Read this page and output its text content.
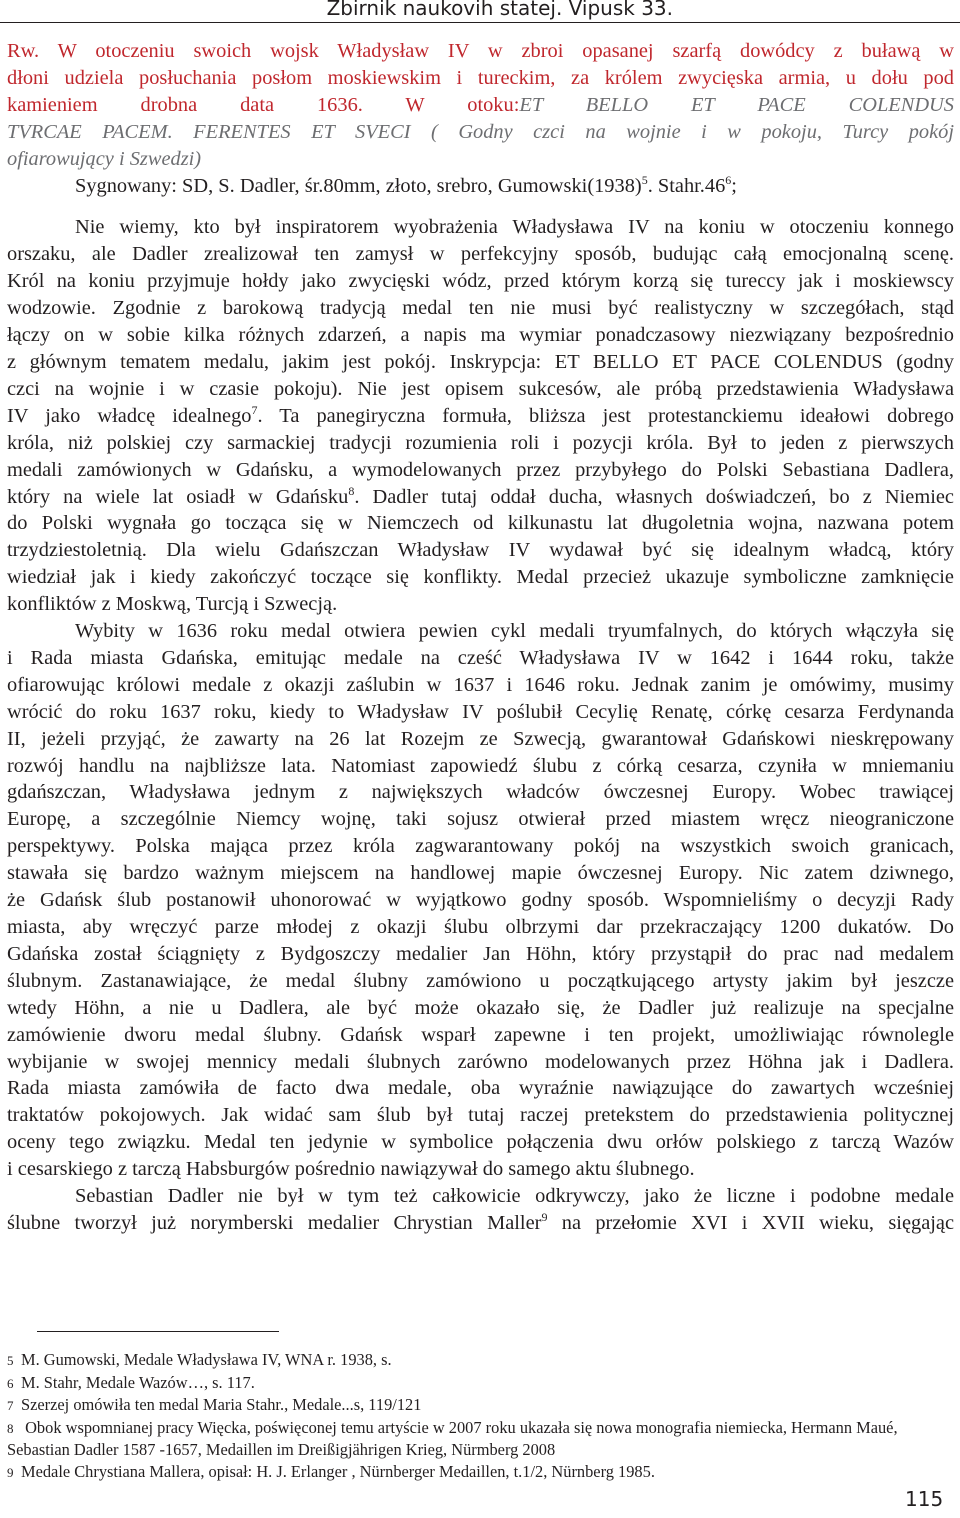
Zbirnik naukovih statej. Vipusk 33.
Rw. W otoczeniu swoich wojsk Władysław IV w zbroi opasanej szarfą dowódcy z buławą w
dłoni udziela posłuchania posłom moskiewskim i tureckim, za królem zwycięska armia, u dołu pod
kamieniem drobna data 1636. W otoku:ET BELLO ET PACE COLENDUS
TVRCAE PACEM. FERENTES ET SVECI ( Godny czci na wojnie i w pokoju, Turcy pokój
ofiarowujący i Szwedzi)
Sygnowany: SD, S. Dadler, śr.80mm, złoto, srebro, $Gumowski(1938)^5$. $Stahr.46^6$;
Nie wiemy, kto był inspiratorem wyobrażenia Władysława IV na koniu w otoczeniu konnego
orszaku, ale Dadler zrealizował ten zamysł w perfekcyjny sposób, budując całą emocjonalną scenę.
Król na koniu przyjmuje hołdy jako zwycięski wódz, przed którym korzą się tureccy jak i moskiewscy
wodzowie. Zgodnie z barokową tradycją medal ten nie musi być realistyczny w szczegółach, stąd
łączy on w sobie kilka różnych zdarzeń, a napis ma wymiar ponadczasowy niezwiązany bezpośrednio
z głównym tematem medalu, jakim jest pokój. Inskrypcja: ET BELLO ET PACE COLENDUS (godny
czci na wojnie i w czasie pokoju). Nie jest opisem sukcesów, ale próbą przedstawienia Władysława
IV jako władcę idealnego$^7$. Ta panegiryczna formuła, bliższa jest protestanckiemu ideałowi dobrego
króla, niż polskiej czy sarmackiej tradycji rozumienia roli i pozycji króla. Był to jeden z pierwszych
medali zamówionych w Gdańsku, a wymodelowanych przez przybyłego do Polski Sebastiana Dadlera,
który na wiele lat osiadł w Gdańsku$^8$. Dadler tutaj oddał ducha, własnych doświadczeń, bo z Niemiec
do Polski wygnała go tocząca się w Niemczech od kilkunastu lat długoletnia wojna, nazwana potem
trzydziestoletnią. Dla wielu Gdańszczan Władysław IV wydawał być się idealnym władcą, który
wiedział jak i kiedy zakończyć toczące się konflikty. Medal przecież ukazuje symboliczne zamknięcie
konfliktów z Moskwą, Turcją i Szwecją.
Wybity w 1636 roku medal otwiera pewien cykl medali tryumfalnych, do których włączyła się
i Rada miasta Gdańska, emitując medale na cześć Władysława IV w 1642 i 1644 roku, także
ofiarowując królowi medale z okazji zaślubin w 1637 i 1646 roku. Jednak zanim je omówimy, musimy
wrócić do roku 1637 roku, kiedy to Władysław IV poślubił Cecylię Renatę, córkę cesarza Ferdynanda
II, jeżeli przyjąć, że zawarty na 26 lat Rozejm ze Szwecją, gwarantował Gdańskowi nieskrępowany
rozwój handlu na najbliższe lata. Natomiast zapowiedź ślubu z córką cesarza, czyniła w mniemaniu
gdańszczan, Władysława jednym z największych władców ówczesnej Europy. Wobec trawiącej
Europę, a szczególnie Niemcy wojnę, taki sojusz otwierał przed miastem wręcz nieograniczone
perspektywy. Polska mająca przez króla zagwarantowany pokój na wszystkich swoich granicach,
stawała się bardzo ważnym miejscem na handlowej mapie ówczesnej Europy. Nic zatem dziwnego,
że Gdańsk ślub postanowił uhonorować w wyjątkowo godny sposób. Wspomnieliśmy o decyzji Rady
miasta, aby wręczyć parze młodej z okazji ślubu olbrzymi dar przekraczający 1200 dukatów. Do
Gdańska został ściągnięty z Bydgoszczy medalier Jan Höhn, który przystąpił do prac nad medalem
ślubnym. Zastanawiające, że medal ślubny zamówiono u początkującego artysty jakim był jeszcze
wtedy Höhn, a nie u Dadlera, ale być może okazało się, że Dadler już realizuje na specjalne
zamówienie dworu medal ślubny. Gdańsk wsparł zapewne i ten projekt, umożliwiając równolegle
wybijanie w swojej mennicy medali ślubnych zarówno modelowanych przez Höhna jak i Dadlera.
Rada miasta zamówiła de facto dwa medale, oba wyraźnie nawiązujące do zawartych wcześniej
traktatów pokojowych. Jak widać sam ślub był tutaj raczej pretekstem do przedstawienia politycznej
oceny tego związku. Medal ten jedynie w symbolice połączenia dwu orłów polskiego z tarczą Wazów
i cesarskiego z tarczą Habsburgów pośrednio nawiązywał do samego aktu ślubnego.
Sebastian Dadler nie był w tym też całkowicie odkrywczy, jako że liczne i podobne medale
ślubne tworzył już norymberski medalier Chrystian Maller$^9$ na przełomie XVI i XVII wieku, sięgając
5 M. Gumowski, Medale Władysława IV, WNA r. 1938, s.
6 M. Stahr, Medale Wazów…, s. 117.
7 Szerzej omówiła ten medal Maria Stahr., Medale...s, 119/121
8 Obok wspomnianej pracy Więcka, poświęconej temu artyście w 2007 roku ukazała się nowa monografia niemiecka, Hermann Maué,
Sebastian Dadler 1587 -1657, Medaillen im Dreißigjährigen Krieg, Nürmberg 2008
9 Medale Chrystiana Mallera, opisał: H. J. Erlanger , Nürnberger Medaillen, t.1/2, Nürnberg 1985.
115
